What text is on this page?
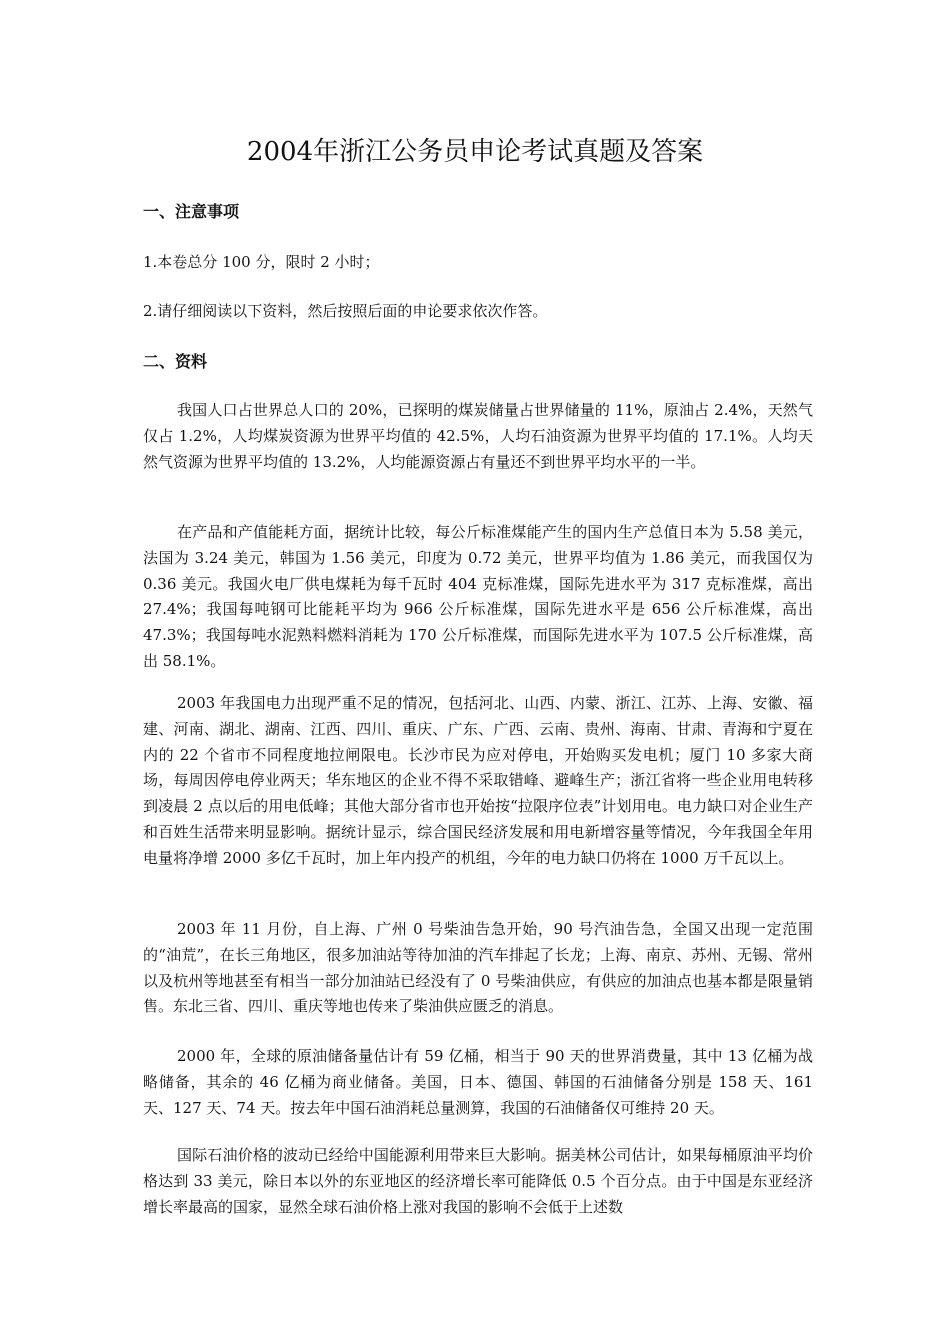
2004年浙江公务员申论考试真题及答案
一、注意事项
1.本卷总分 100 分，限时 2 小时；
2.请仔细阅读以下资料，然后按照后面的申论要求依次作答。
二、资料
我国人口占世界总人口的 20%，已探明的煤炭储量占世界储量的 11%，原油占 2.4%，天然气仅占 1.2%，人均煤炭资源为世界平均值的 42.5%，人均石油资源为世界平均值的 17.1%。人均天然气资源为世界平均值的 13.2%，人均能源资源占有量还不到世界平均水平的一半。
在产品和产值能耗方面，据统计比较，每公斤标准煤能产生的国内生产总值日本为 5.58 美元，法国为 3.24 美元，韩国为 1.56 美元，印度为 0.72 美元，世界平均值为 1.86 美元，而我国仅为 0.36 美元。我国火电厂供电煤耗为每千瓦时 404 克标准煤，国际先进水平为 317 克标准煤，高出 27.4%；我国每吨钢可比能耗平均为 966 公斤标准煤，国际先进水平是 656 公斤标准煤，高出 47.3%；我国每吨水泥熟料燃料消耗为 170 公斤标准煤，而国际先进水平为 107.5 公斤标准煤，高出 58.1%。
2003 年我国电力出现严重不足的情况，包括河北、山西、内蒙、浙江、江苏、上海、安徽、福建、河南、湖北、湖南、江西、四川、重庆、广东、广西、云南、贵州、海南、甘肃、青海和宁夏在内的 22 个省市不同程度地拉闸限电。长沙市民为应对停电，开始购买发电机；厦门 10 多家大商场，每周因停电停业两天；华东地区的企业不得不采取错峰、避峰生产；浙江省将一些企业用电转移到凌晨 2 点以后的用电低峰；其他大部分省市也开始按“拉限序位表”计划用电。电力缺口对企业生产和百姓生活带来明显影响。据统计显示，综合国民经济发展和用电新增容量等情况，今年我国全年用电量将净增 2000 多亿千瓦时，加上年内投产的机组，今年的电力缺口仍将在 1000 万千瓦以上。
2003 年 11 月份，自上海、广州 0 号柴油告急开始，90 号汽油告急，全国又出现一定范围的“油荒”，在长三角地区，很多加油站等待加油的汽车排起了长龙；上海、南京、苏州、无锡、常州以及杭州等地甚至有相当一部分加油站已经没有了 0 号柴油供应，有供应的加油点也基本都是限量销售。东北三省、四川、重庆等地也传来了柴油供应匮乏的消息。
2000 年，全球的原油储备量估计有 59 亿桶，相当于 90 天的世界消费量，其中 13 亿桶为战略储备，其余的 46 亿桶为商业储备。美国，日本、德国、韩国的石油储备分别是 158 天、161 天、127 天、74 天。按去年中国石油消耗总量测算，我国的石油储备仅可维持 20 天。
国际石油价格的波动已经给中国能源利用带来巨大影响。据美林公司估计，如果每桶原油平均价格达到 33 美元，除日本以外的东亚地区的经济增长率可能降低 0.5 个百分点。由于中国是东亚经济增长率最高的国家，显然全球石油价格上涨对我国的影响不会低于上述数
